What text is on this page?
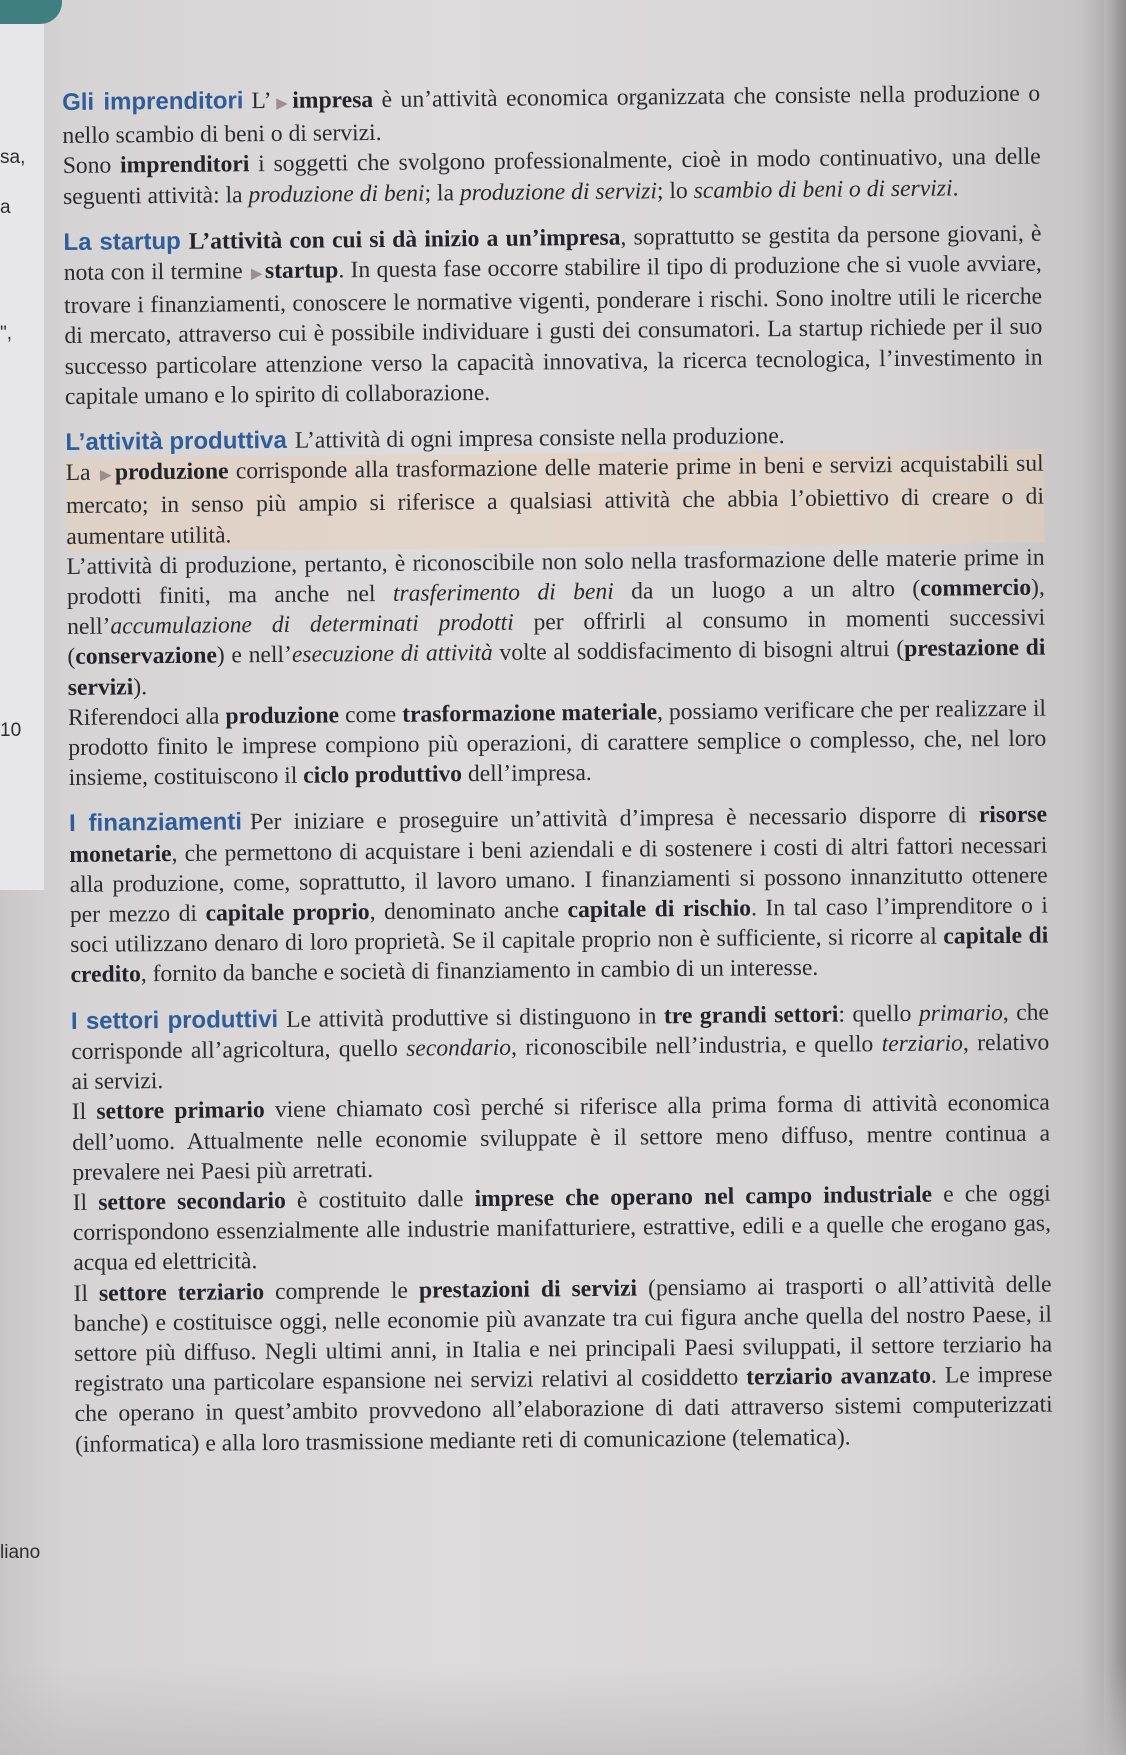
sa,
a
",
10
liano

Gli imprenditori L’ ▶impresa è un’attività economica organizzata che consiste nella produzione o nello scambio di beni o di servizi.

Sono imprenditori i soggetti che svolgono professionalmente, cioè in modo continuativo, una delle seguenti attività: la produzione di beni; la produzione di servizi; lo scambio di beni o di servizi.

La startup L’attività con cui si dà inizio a un’impresa, soprattutto se gestita da persone giovani, è nota con il termine ▶startup. In questa fase occorre stabilire il tipo di produzione che si vuole avviare, trovare i finanziamenti, conoscere le normative vigenti, ponderare i rischi. Sono inoltre utili le ricerche di mercato, attraverso cui è possibile individuare i gusti dei consumatori. La startup richiede per il suo successo particolare attenzione verso la capacità innovativa, la ricerca tecnologica, l’investimento in capitale umano e lo spirito di collaborazione.

L’attività produttiva L’attività di ogni impresa consiste nella produzione.

La ▶produzione corrisponde alla trasformazione delle materie prime in beni e servizi acquistabili sul mercato; in senso più ampio si riferisce a qualsiasi attività che abbia l’obiettivo di creare o di aumentare utilità.

L’attività di produzione, pertanto, è riconoscibile non solo nella trasformazione delle materie prime in prodotti finiti, ma anche nel trasferimento di beni da un luogo a un altro (commercio), nell’accumulazione di determinati prodotti per offrirli al consumo in momenti successivi (conservazione) e nell’esecuzione di attività volte al soddisfacimento di bisogni altrui (prestazione di servizi).

Riferendoci alla produzione come trasformazione materiale, possiamo verificare che per realizzare il prodotto finito le imprese compiono più operazioni, di carattere semplice o complesso, che, nel loro insieme, costituiscono il ciclo produttivo dell’impresa.

I finanziamenti Per iniziare e proseguire un’attività d’impresa è necessario disporre di risorse monetarie, che permettono di acquistare i beni aziendali e di sostenere i costi di altri fattori necessari alla produzione, come, soprattutto, il lavoro umano. I finanziamenti si possono innanzitutto ottenere per mezzo di capitale proprio, denominato anche capitale di rischio. In tal caso l’imprenditore o i soci utilizzano denaro di loro proprietà. Se il capitale proprio non è sufficiente, si ricorre al capitale di credito, fornito da banche e società di finanziamento in cambio di un interesse.

I settori produttivi Le attività produttive si distinguono in tre grandi settori: quello primario, che corrisponde all’agricoltura, quello secondario, riconoscibile nell’industria, e quello terziario, relativo ai servizi.

Il settore primario viene chiamato così perché si riferisce alla prima forma di attività economica dell’uomo. Attualmente nelle economie sviluppate è il settore meno diffuso, mentre continua a prevalere nei Paesi più arretrati.

Il settore secondario è costituito dalle imprese che operano nel campo industriale e che oggi corrispondono essenzialmente alle industrie manifatturiere, estrattive, edili e a quelle che erogano gas, acqua ed elettricità.

Il settore terziario comprende le prestazioni di servizi (pensiamo ai trasporti o all’attività delle banche) e costituisce oggi, nelle economie più avanzate tra cui figura anche quella del nostro Paese, il settore più diffuso. Negli ultimi anni, in Italia e nei principali Paesi sviluppati, il settore terziario ha registrato una particolare espansione nei servizi relativi al cosiddetto terziario avanzato. Le imprese che operano in quest’ambito provvedono all’elaborazione di dati attraverso sistemi computerizzati (informatica) e alla loro trasmissione mediante reti di comunicazione (telematica).
